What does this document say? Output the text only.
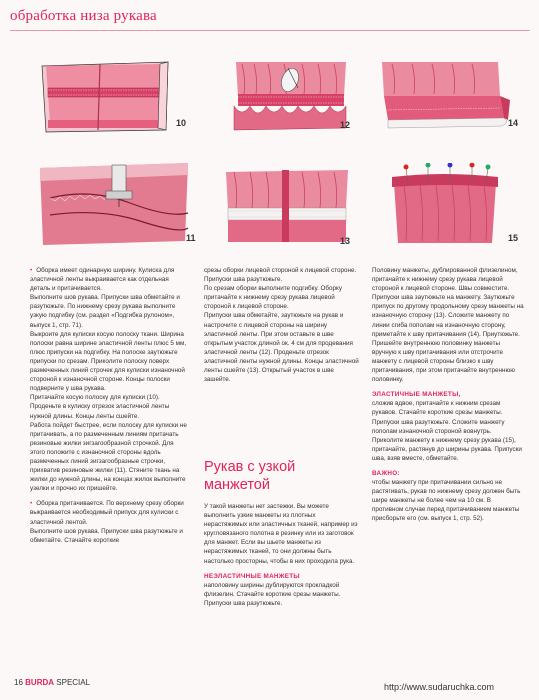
обработка низа рукава
10
11
12
13
14
15

• Оборка имеет одинарную ширину. Кулиска для эластичной ленты выкраивается как отдельная деталь и притачивается.

Выполните шов рукава. Припуски шва обметайте и разутюжьте. По нижнему срезу рукава выполните узкую подгибку (см. раздел «Подгибка рулоном», выпуск 1, стр. 71).

Выкроите для кулиски косую полоску ткани. Ширина полоски равна ширине эластичной ленты плюс 5 мм, плюс припуски на подгибку. На полоске заутюжьте припуски по срезам. Приколите полоску поверх размеченных линий строчек для кулиски изнаночной стороной к изнаночной стороне. Концы полоски подверните у шва рукава.

Притачайте косую полоску для кулиски (10).

Проденьте в кулиску отрезок эластичной ленты нужной длины. Концы ленты сшейте.

Работа пойдет быстрее, если полоску для кулиски не притачивать, а по размеченным линиям притачать резиновые жилки зигзагообразной строчкой. Для этого положите с изнаночной стороны вдоль размеченных линий зигзагообразные строчки, прихватив резиновые жилки (11). Стяните ткань на жилки до нужной длины, на концах жилок выполните узелки и прочно их пришейте.

• Оборка притачивается. По верхнему срезу оборки выкраивается необходимый припуск для кулиски с эластичной лентой.

Выполните шов рукава. Припуски шва разутюжьте и обметайте. Стачайте короткие

срезы оборки лицевой стороной к лицевой стороне. Припуски шва разутюжьте.

По срезам оборки выполните подгибку. Оборку притачайте к нижнему срезу рукава лицевой стороной к лицевой стороне.

Припуски шва обметайте, заутюжьте на рукав и настрочите с лицевой стороны на ширину эластичной ленты. При этом оставьте в шве открытым участок длиной ок. 4 см для продевания эластичной ленты (12). Проденьте отрезок эластичной ленты нужной длины. Концы эластичной ленты сшейте (13). Открытый участок в шве зашейте.

Рукав с узкой манжетой

У такой манжеты нет застежки. Вы можете выполнить узкие манжеты из плотных нерастяжимых или эластичных тканей, например из кругловязаного полотна в резинку или из заготовок для манжет. Если вы шьете манжеты из нерастяжимых тканей, то они должны быть настолько просторны, чтобы в них проходила рука.

НЕЭЛАСТИЧНЫЕ МАНЖЕТЫ

наполовину ширины дублируются прокладкой флизелин. Стачайте короткие срезы манжеты. Припуски шва разутюжьте.

Половину манжеты, дублированной флизелином, притачайте к нижнему срезу рукава лицевой стороной к лицевой стороне. Швы совместите. Припуски шва заутюжьте на манжету. Заутюжьте припуск по другому продольному срезу манжеты на изнаночную сторону (13). Сложите манжету по линии сгиба пополам на изнаночную сторону, приметайте к шву притачивания (14). Приутюжьте. Пришейте внутреннюю половинку манжеты вручную к шву притачивания или отстрочите манжету с лицевой стороны близко к шву притачивания, при этом притачайте внутреннюю половинку.

ЭЛАСТИЧНЫЕ МАНЖЕТЫ,

сложив вдвое, притачайте к нижним срезам рукавов. Стачайте короткие срезы манжеты. Припуски шва разутюжьте. Сложите манжету пополам изнаночной стороной вовнутрь. Приколите манжету к нижнему срезу рукава (15), притачайте, растянув до ширины рукава. Припуски шва, взяв вместе, обметайте.

ВАЖНО:

чтобы манжету при притачивании сильно не растягивать, рукав по нижнему срезу должен быть шире манжеты не более чем на 10 см. В противном случае перед притачиванием манжеты присборьте его (см. выпуск 1, стр. 52).

16 BURDA SPECIAL	http://www.sudaruchka.com
